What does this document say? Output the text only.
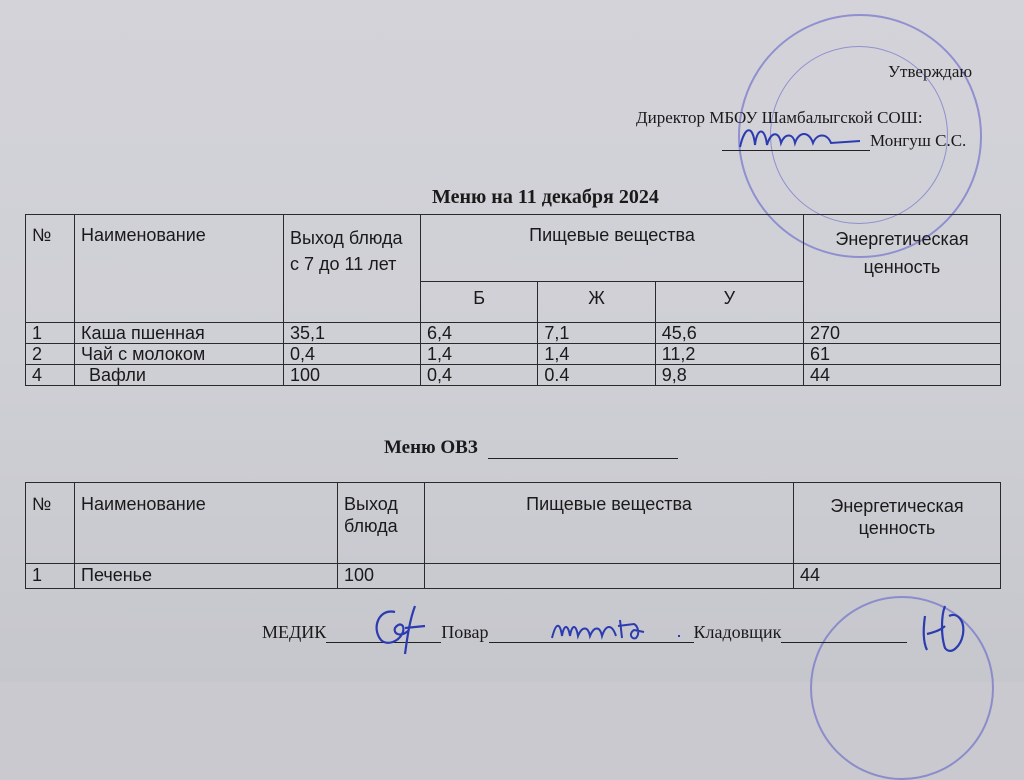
Утверждаю
Директор МБОУ Шамбалыгской СОШ:
Монгуш С.С.
Меню на 11 декабря 2024
№	Наименование	Выход блюда с 7 до 11 лет	Пищевые вещества			Энергетическая ценность
			Б	Ж	У	
1	Каша пшенная	35,1	6,4	7,1	45,6	270
2	Чай с молоком	0,4	1,4	1,4	11,2	61
4	Вафли	100	0,4	0.4	9,8	44
Меню ОВЗ
№	Наименование	Выход блюда	Пищевые вещества	Энергетическая ценность
1	Печенье	100		44
МЕДИК	Повар	Кладовщик
